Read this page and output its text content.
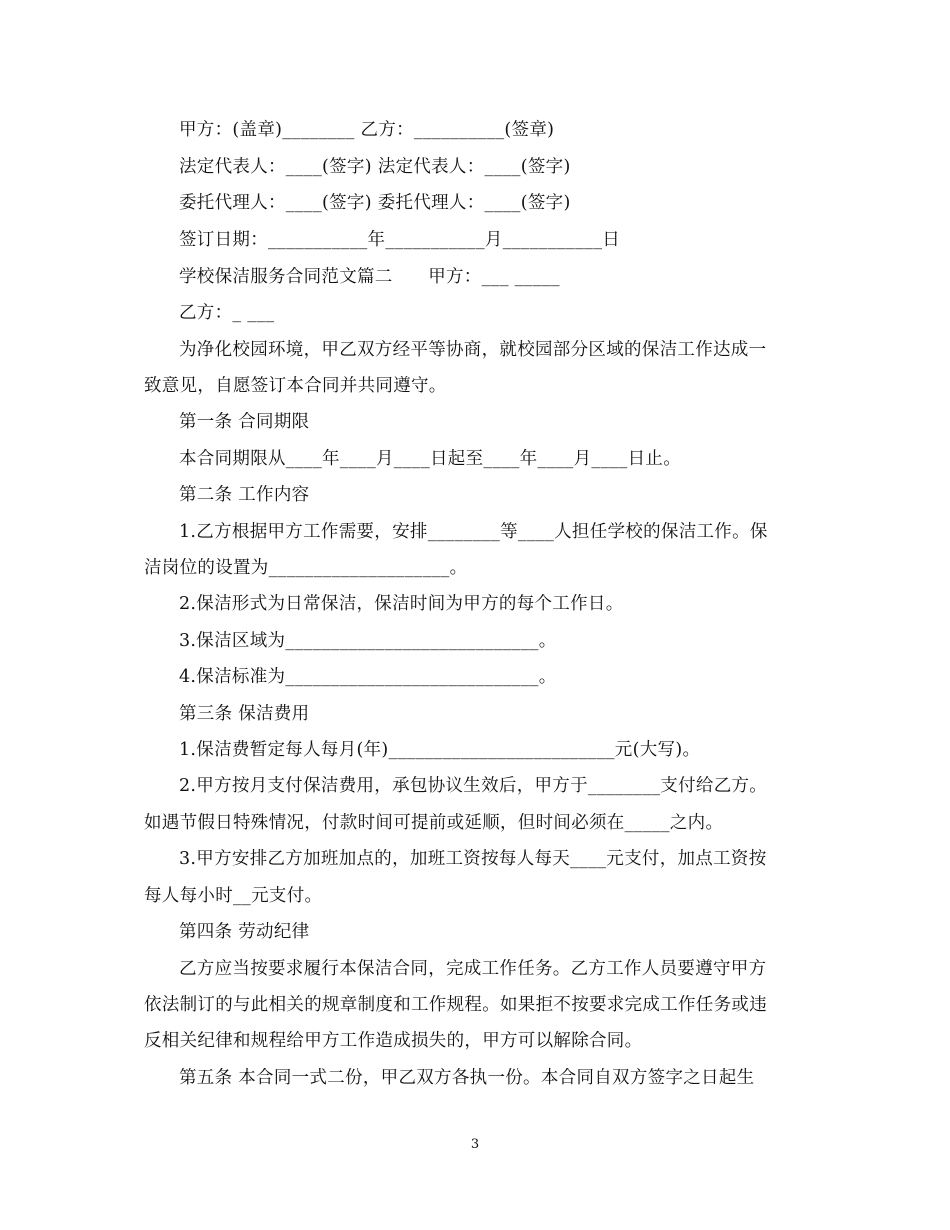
甲方：(盖章)________ 乙方：__________(签章)
法定代表人：____(签字) 法定代表人：____(签字)
委托代理人：____(签字) 委托代理人：____(签字)
签订日期：___________年___________月___________日
学校保洁服务合同范文篇二　　甲方：___ _____
乙方：_ ___
为净化校园环境，甲乙双方经平等协商，就校园部分区域的保洁工作达成一
致意见，自愿签订本合同并共同遵守。
第一条 合同期限
本合同期限从____年____月____日起至____年____月____日止。
第二条 工作内容
1.乙方根据甲方工作需要，安排________等____人担任学校的保洁工作。保
洁岗位的设置为____________________。
2.保洁形式为日常保洁，保洁时间为甲方的每个工作日。
3.保洁区域为____________________________。
4.保洁标准为____________________________。
第三条 保洁费用
1.保洁费暂定每人每月(年)_________________________元(大写)。
2.甲方按月支付保洁费用，承包协议生效后，甲方于________支付给乙方。
如遇节假日特殊情况，付款时间可提前或延顺，但时间必须在_____之内。
3.甲方安排乙方加班加点的，加班工资按每人每天____元支付，加点工资按
每人每小时__元支付。
第四条 劳动纪律
乙方应当按要求履行本保洁合同，完成工作任务。乙方工作人员要遵守甲方
依法制订的与此相关的规章制度和工作规程。如果拒不按要求完成工作任务或违
反相关纪律和规程给甲方工作造成损失的，甲方可以解除合同。
第五条 本合同一式二份，甲乙双方各执一份。本合同自双方签字之日起生
3
